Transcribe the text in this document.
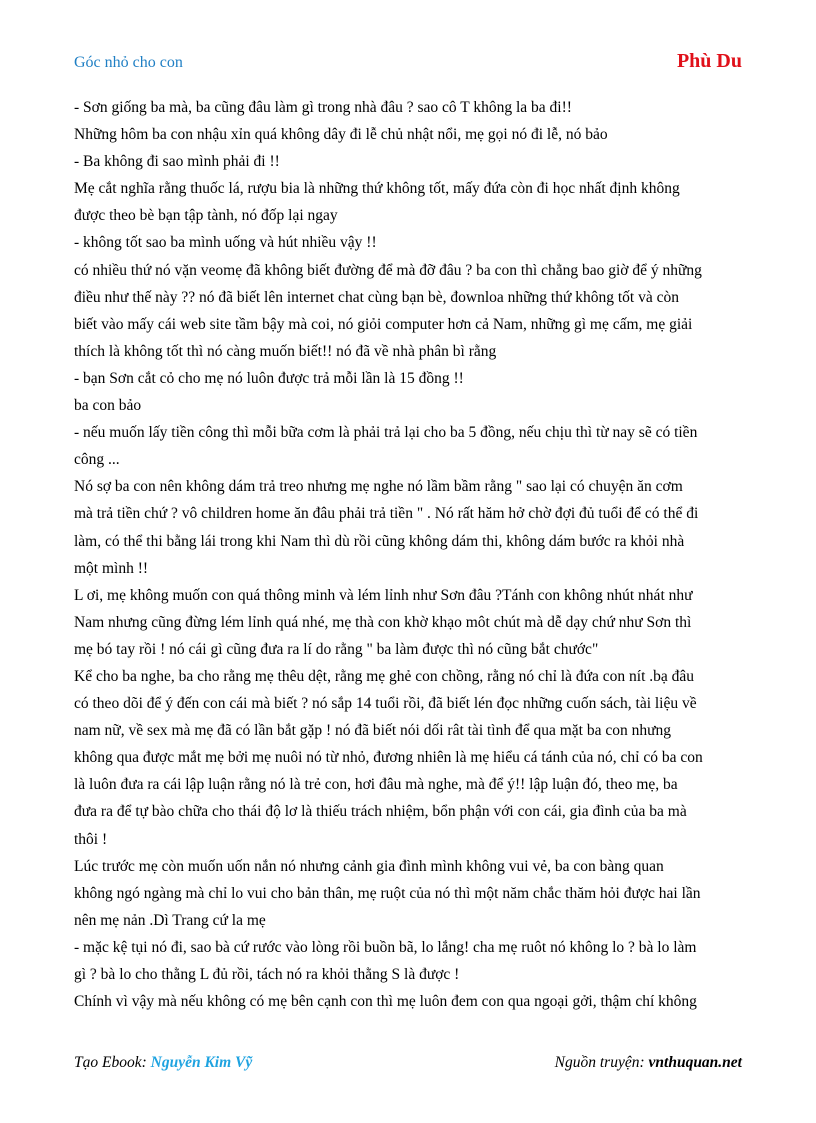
Góc nhỏ cho con	Phù Du
- Sơn giống ba mà, ba cũng đâu làm gì trong nhà đâu ? sao cô T không la ba đi!!
Những hôm ba con nhậu xỉn quá không dây đi lễ chủ nhật nổi, mẹ gọi nó đi lễ, nó bảo
- Ba không đi sao mình phải đi !!
Mẹ cắt nghĩa rằng thuốc lá, rượu bia là những thứ không tốt, mấy đứa còn đi học nhất định không
được theo bè bạn tập tành, nó đốp lại ngay
- không tốt sao ba mình uống và hút nhiều vậy !!
có nhiều thứ nó vặn veomẹ đã không biết đường để mà đỡ đâu ? ba con thì chẳng bao giờ để ý những
điều như thế này ?? nó đã biết lên internet chat cùng bạn bè, đownloa những thứ không tốt và còn
biết vào mấy cái web site tầm bậy mà coi, nó giỏi computer hơn cả Nam, những gì mẹ cấm, mẹ giải
thích là không tốt thì nó càng muốn biết!! nó đã về nhà phân bì rằng
- bạn Sơn cắt cỏ cho mẹ nó luôn được trả mỗi lần là 15 đồng !!
ba con bảo
- nếu muốn lấy tiền công thì mỗi bữa cơm là phải trả lại cho ba 5 đồng, nếu chịu thì từ nay sẽ có tiền
công ...
Nó sợ ba con nên không dám trả treo nhưng mẹ nghe nó lầm bầm rằng " sao lại có chuyện ăn cơm
mà trả tiền chứ ? vô children home ăn đâu phải trả tiền " . Nó rất hăm hở chờ đợi đủ tuổi để có thể đi
làm, có thể thi bằng lái trong khi Nam thì dù rồi cũng không dám thi, không dám bước ra khỏi nhà
một mình !!
L ơi, mẹ không muốn con quá thông minh và lém lỉnh như Sơn đâu ?Tánh con không nhút nhát như
Nam nhưng cũng đừng lém lỉnh quá nhé, mẹ thà con khờ khạo môt chút mà dễ dạy chứ như Sơn thì
mẹ bó tay rồi ! nó cái gì cũng đưa ra lí do rằng " ba làm được thì nó cũng bắt chước"
Kể cho ba nghe, ba cho rằng mẹ thêu dệt, rằng mẹ ghẻ con chồng, rằng nó chỉ là đứa con nít .bạ đâu
có theo dõi để ý đến con cái mà biết ? nó sắp 14 tuổi rồi, đã biết lén đọc những cuốn sách, tài liệu về
nam nữ, về sex mà mẹ đã có lần bắt gặp ! nó đã biết nói dối rât tài tình để qua mặt ba con nhưng
không qua được mắt mẹ bởi mẹ nuôi nó từ nhỏ, đương nhiên là mẹ hiểu cá tánh của nó, chỉ có ba con
là luôn đưa ra cái lập luận rằng nó là trẻ con, hơi đâu mà nghe, mà để ý!! lập luận đó, theo mẹ, ba
đưa ra để tự bào chữa cho thái độ lơ là thiếu trách nhiệm, bổn phận với con cái, gia đình của ba mà
thôi !
Lúc trước mẹ còn muốn uốn nắn nó nhưng cảnh gia đình mình không vui vẻ, ba con bàng quan
không ngó ngàng mà chỉ lo vui cho bản thân, mẹ ruột của nó thì một năm chắc thăm hỏi được hai lần
nên mẹ nản .Dì Trang cứ la mẹ
- mặc kệ tụi nó đi, sao bà cứ rước vào lòng rồi buồn bã, lo lắng! cha mẹ ruôt nó không lo ? bà lo làm
gì ? bà lo cho thằng L đủ rồi, tách nó ra khỏi thằng S là được !
Chính vì vậy mà nếu không có mẹ bên cạnh con thì mẹ luôn đem con qua ngoại gởi, thậm chí không
Tạo Ebook: Nguyễn Kim Vỹ	Nguồn truyện: vnthuquan.net
